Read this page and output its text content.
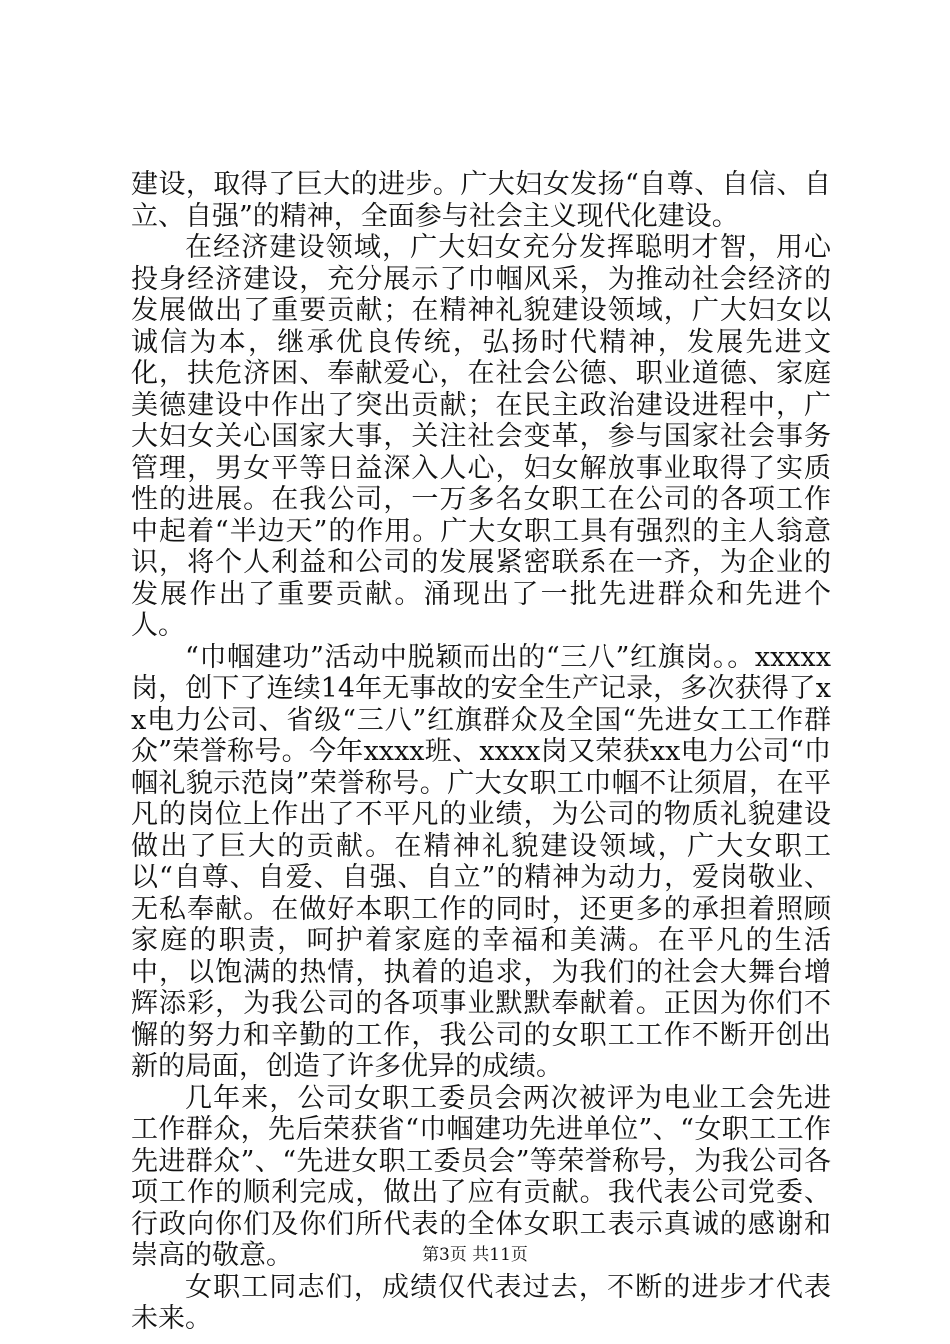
建设，取得了巨大的进步。广大妇女发扬“自尊、自信、自立、自强”的精神，全面参与社会主义现代化建设。

在经济建设领域，广大妇女充分发挥聪明才智，用心投身经济建设，充分展示了巾帼风采，为推动社会经济的发展做出了重要贡献；在精神礼貌建设领域，广大妇女以诚信为本，继承优良传统，弘扬时代精神，发展先进文化，扶危济困、奉献爱心，在社会公德、职业道德、家庭美德建设中作出了突出贡献；在民主政治建设进程中，广大妇女关心国家大事，关注社会变革，参与国家社会事务管理，男女平等日益深入人心，妇女解放事业取得了实质性的进展。在我公司，一万多名女职工在公司的各项工作中起着“半边天”的作用。广大女职工具有强烈的主人翁意识，将个人利益和公司的发展紧密联系在一齐，为企业的发展作出了重要贡献。涌现出了一批先进群众和先进个人。

“巾帼建功”活动中脱颖而出的“三八”红旗岗。。xxxxx岗，创下了连续14年无事故的安全生产记录，多次获得了xx电力公司、省级“三八”红旗群众及全国“先进女工工作群众”荣誉称号。今年xxxx班、xxxx岗又荣获xx电力公司“巾帼礼貌示范岗”荣誉称号。广大女职工巾帼不让须眉，在平凡的岗位上作出了不平凡的业绩，为公司的物质礼貌建设做出了巨大的贡献。在精神礼貌建设领域，广大女职工以“自尊、自爱、自强、自立”的精神为动力，爱岗敬业、无私奉献。在做好本职工作的同时，还更多的承担着照顾家庭的职责，呵护着家庭的幸福和美满。在平凡的生活中，以饱满的热情，执着的追求，为我们的社会大舞台增辉添彩，为我公司的各项事业默默奉献着。正因为你们不懈的努力和辛勤的工作，我公司的女职工工作不断开创出新的局面，创造了许多优异的成绩。

几年来，公司女职工委员会两次被评为电业工会先进工作群众，先后荣获省“巾帼建功先进单位”、“女职工工作先进群众”、“先进女职工委员会”等荣誉称号，为我公司各项工作的顺利完成，做出了应有贡献。我代表公司党委、行政向你们及你们所代表的全体女职工表示真诚的感谢和崇高的敬意。

女职工同志们，成绩仅代表过去，不断的进步才代表未来。

第3页 共11页
